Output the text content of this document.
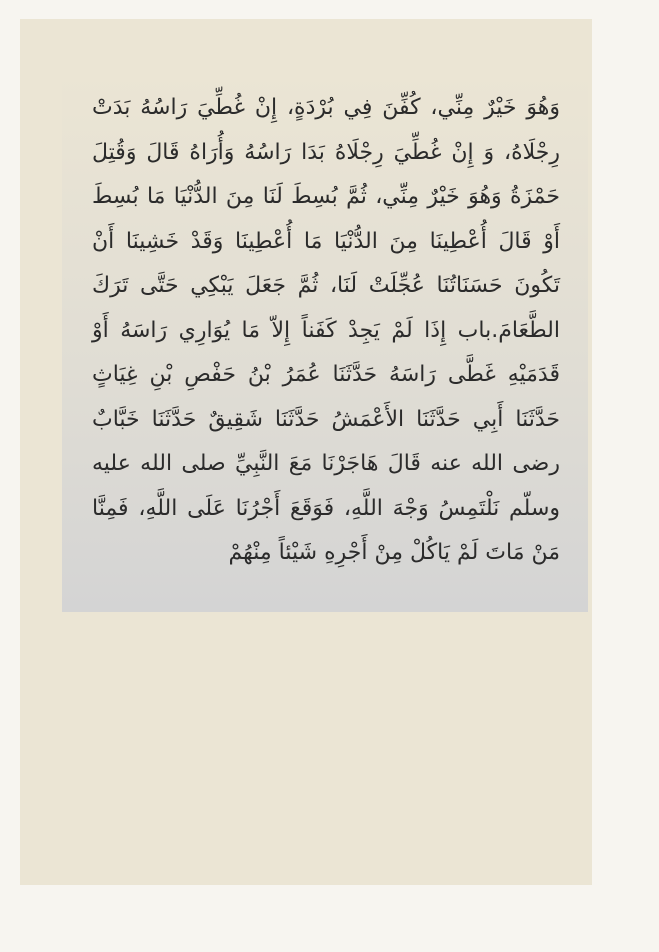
وَهُوَ خَيْرٌ مِنِّي، كُفِّنَ فِي بُرْدَةٍ، إِنْ غُطِّيَ رَاسُهُ بَدَتْ رِجْلَاهُ، وَ إِنْ غُطِّيَ رِجْلَاهُ بَدَا رَاسُهُ وَأُرَاهُ قَالَ وَقُتِلَ حَمْزَةُ وَهُوَ خَيْرٌ مِنِّي، ثُمَّ بُسِطَ لَنَا مِنَ الدُّنْيَا مَا بُسِطَ أَوْ قَالَ أُعْطِينَا مِنَ الدُّنْيَا مَا أُعْطِينَا وَقَدْ خَشِينَا أَنْ تَكُونَ حَسَنَاتُنَا عُجِّلَتْ لَنَا، ثُمَّ جَعَلَ يَبْكِي حَتَّى تَرَكَ الطَّعَامَ.باب إِذَا لَمْ يَجِدْ كَفَناً إِلاّ مَا يُوَارِي رَاسَهُ أَوْ قَدَمَيْهِ غَطَّى رَاسَهُ حَدَّثَنَا عُمَرُ بْنُ حَفْصِ بْنِ غِيَاثٍ حَدَّثَنَا أَبِي حَدَّثَنَا الأَعْمَشُ حَدَّثَنَا شَقِيقٌ حَدَّثَنَا خَبَّابٌ رضى الله عنه قَالَ هَاجَرْنَا مَعَ النَّبِيِّ صلى الله عليه وسلّم نَلْتَمِسُ وَجْهَ اللَّهِ، فَوَقَعَ أَجْرُنَا عَلَى اللَّهِ، فَمِنَّا مَنْ مَاتَ لَمْ يَاكُلْ مِنْ أَجْرِهِ شَيْئاً مِنْهُمْ
